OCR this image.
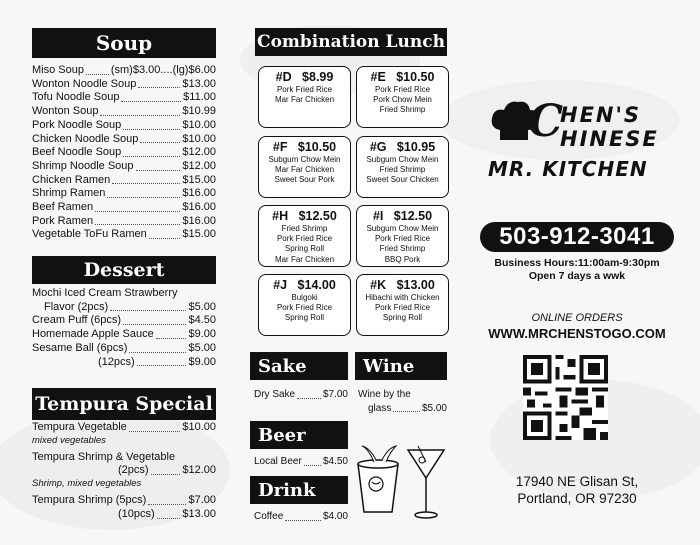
Soup
Miso Soup (sm)$3.00....(lg)$6.00
Wonton Noodle Soup	$13.00
Tofu Noodle Soup	$11.00
Wonton Soup	$10.99
Pork Noodle Soup	$10.00
Chicken Noodle Soup	$10.00
Beef Noodle Soup	$12.00
Shrimp Noodle Soup	$12.00
Chicken Ramen	$15.00
Shrimp Ramen	$16.00
Beef Ramen	$16.00
Pork Ramen	$16.00
Vegetable ToFu Ramen	$15.00
Dessert
Mochi Iced Cream Strawberry
Flavor (2pcs)	$5.00
Cream Puff (6pcs)	$4.50
Homemade Apple Sauce	$9.00
Sesame Ball (6pcs)	$5.00
(12pcs)	$9.00
Tempura Special
Tempura Vegetable	$10.00
mixed vegetables
Tempura Shrimp & Vegetable
(2pcs)	$12.00
Shrimp, mixed vegetables
Tempura Shrimp (5pcs)	$7.00
(10pcs)	$13.00
Combination Lunch
#D   $8.99
Pork Fried Rice
Mar Far Chicken
#E   $10.50
Pork Fried Rice
Pork Chow Mein
Fried Shrimp
#F   $10.50
Subgum Chow Mein
Mar Far Chicken
Sweet Sour Pork
#G   $10.95
Subgum Chow Mein
Fried Shrimp
Sweet Sour Chicken
#H   $12.50
Fried Shrimp
Pork Fried Rice
Spring Roll
Mar Far Chicken
#I   $12.50
Subgum Chow Mein
Pork Fried Rice
Fried Shrimp
BBQ Pork
#J   $14.00
Bulgoki
Pork Fried Rice
Spring Roll
#K   $13.00
Hibachi with Chicken
Pork Fried Rice
Spring Roll
Sake
Dry Sake	$7.00
Wine
Wine by the
glass	$5.00
Beer
Local Beer $4.50
Drink
Coffee	$4.00
C
HEN'S
HINESE
MR. KITCHEN
503-912-3041
Business Hours:11:00am-9:30pm
Open 7 days a wwk
ONLINE ORDERS
WWW.MRCHENSTOGO.COM
17940 NE Glisan St,
Portland, OR 97230
